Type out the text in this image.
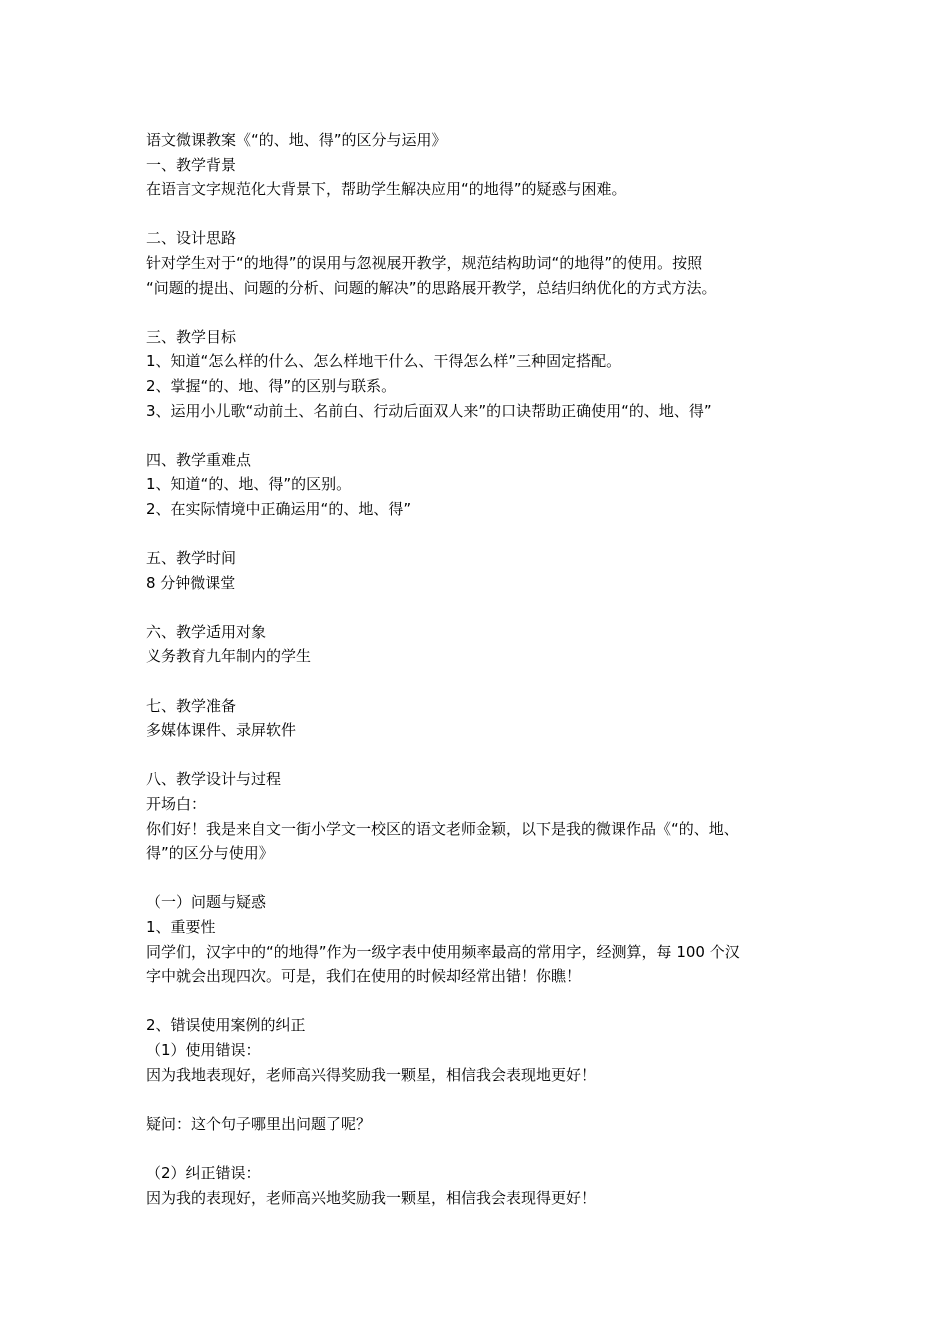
语文微课教案《“的、地、得”的区分与运用》
一、教学背景
在语言文字规范化大背景下，帮助学生解决应用“的地得”的疑惑与困难。
二、设计思路
针对学生对于“的地得”的误用与忽视展开教学，规范结构助词“的地得”的使用。按照
“问题的提出、问题的分析、问题的解决”的思路展开教学，总结归纳优化的方式方法。
三、教学目标
1、知道“怎么样的什么、怎么样地干什么、干得怎么样”三种固定搭配。
2、掌握“的、地、得”的区别与联系。
3、运用小儿歌“动前土、名前白、行动后面双人来”的口诀帮助正确使用“的、地、得”
四、教学重难点
1、知道“的、地、得”的区别。
2、在实际情境中正确运用“的、地、得”
五、教学时间
8 分钟微课堂
六、教学适用对象
义务教育九年制内的学生
七、教学准备
多媒体课件、录屏软件
八、教学设计与过程
开场白：
你们好！我是来自文一街小学文一校区的语文老师金颖，以下是我的微课作品《“的、地、
得”的区分与使用》
（一）问题与疑惑
1、重要性
同学们，汉字中的“的地得”作为一级字表中使用频率最高的常用字，经测算，每 100 个汉
字中就会出现四次。可是，我们在使用的时候却经常出错！你瞧！
2、错误使用案例的纠正
（1）使用错误：
因为我地表现好，老师高兴得奖励我一颗星，相信我会表现地更好！
疑问：这个句子哪里出问题了呢？
（2）纠正错误：
因为我的表现好，老师高兴地奖励我一颗星，相信我会表现得更好！
